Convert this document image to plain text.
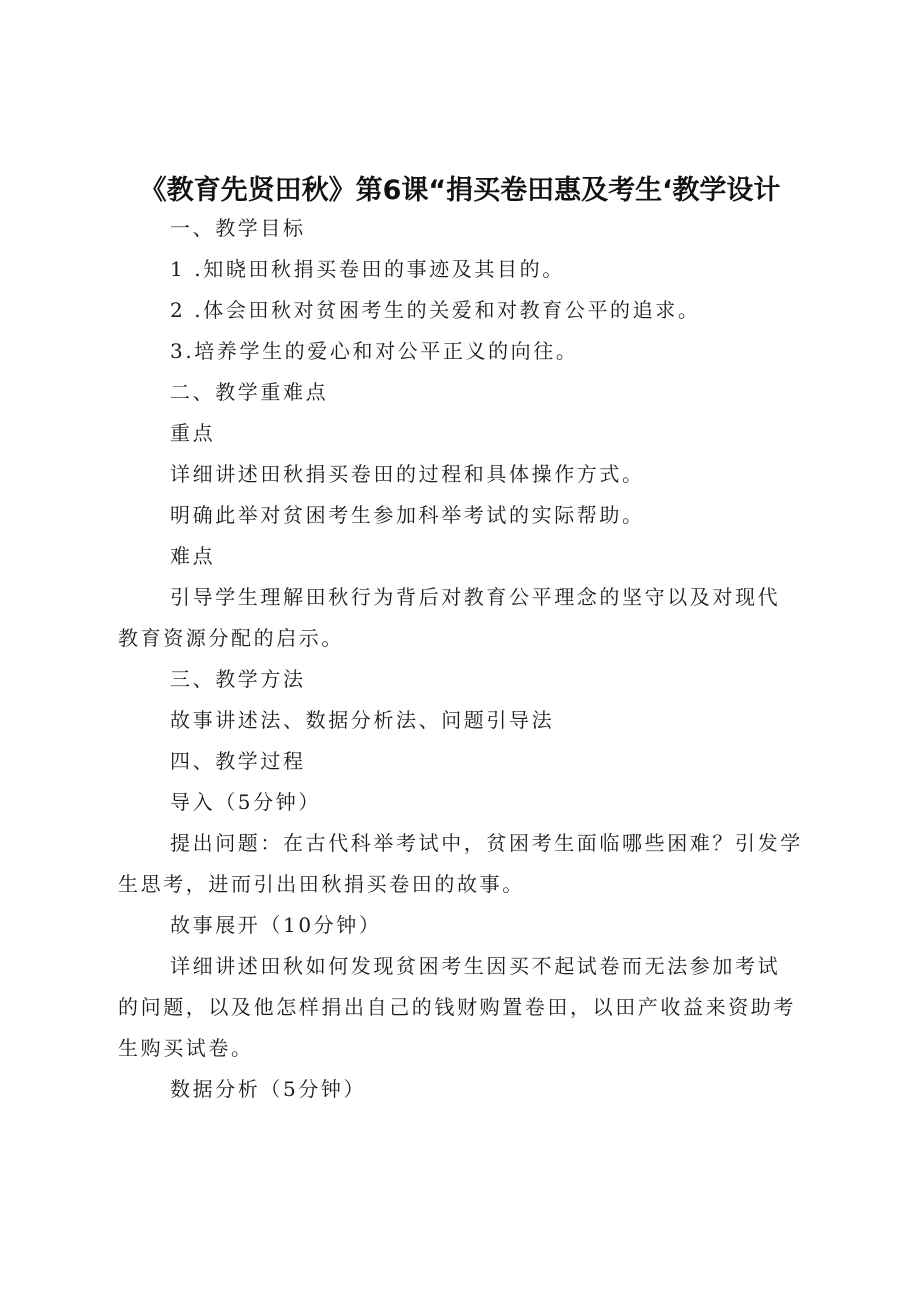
《教育先贤田秋》第6课“捐买卷田惠及考生‘教学设计
一、教学目标
1 .知晓田秋捐买卷田的事迹及其目的。
2 .体会田秋对贫困考生的关爱和对教育公平的追求。
3.培养学生的爱心和对公平正义的向往。
二、教学重难点
重点
详细讲述田秋捐买卷田的过程和具体操作方式。
明确此举对贫困考生参加科举考试的实际帮助。
难点
引导学生理解田秋行为背后对教育公平理念的坚守以及对现代
教育资源分配的启示。
三、教学方法
故事讲述法、数据分析法、问题引导法
四、教学过程
导入（5分钟）
提出问题：在古代科举考试中，贫困考生面临哪些困难？引发学
生思考，进而引出田秋捐买卷田的故事。
故事展开（10分钟）
详细讲述田秋如何发现贫困考生因买不起试卷而无法参加考试
的问题，以及他怎样捐出自己的钱财购置卷田，以田产收益来资助考
生购买试卷。
数据分析（5分钟）
